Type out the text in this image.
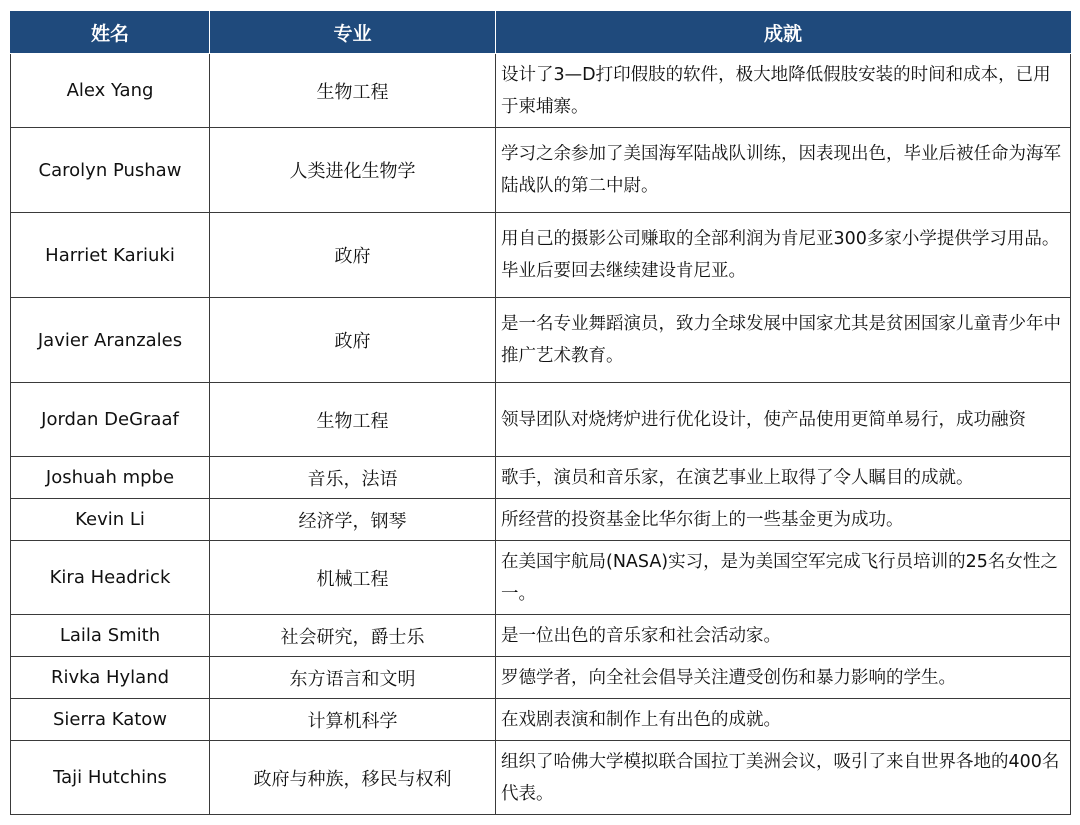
姓名	专业	成就
Alex Yang	生物工程	设计了3—D打印假肢的软件，极大地降低假肢安装的时间和成本，已用于柬埔寨。
Carolyn Pushaw	人类进化生物学	学习之余参加了美国海军陆战队训练，因表现出色，毕业后被任命为海军陆战队的第二中尉。
Harriet Kariuki	政府	用自己的摄影公司赚取的全部利润为肯尼亚300多家小学提供学习用品。毕业后要回去继续建设肯尼亚。
Javier Aranzales	政府	是一名专业舞蹈演员，致力全球发展中国家尤其是贫困国家儿童青少年中推广艺术教育。
Jordan DeGraaf	生物工程	领导团队对烧烤炉进行优化设计，使产品使用更简单易行，成功融资
Joshuah mpbe	音乐，法语	歌手，演员和音乐家，在演艺事业上取得了令人瞩目的成就。
Kevin Li	经济学，钢琴	所经营的投资基金比华尔街上的一些基金更为成功。
Kira Headrick	机械工程	在美国宇航局(NASA)实习，是为美国空军完成飞行员培训的25名女性之一。
Laila Smith	社会研究，爵士乐	是一位出色的音乐家和社会活动家。
Rivka Hyland	东方语言和文明	罗德学者，向全社会倡导关注遭受创伤和暴力影响的学生。
Sierra Katow	计算机科学	在戏剧表演和制作上有出色的成就。
Taji Hutchins	政府与种族，移民与权利	组织了哈佛大学模拟联合国拉丁美洲会议，吸引了来自世界各地的400名代表。
